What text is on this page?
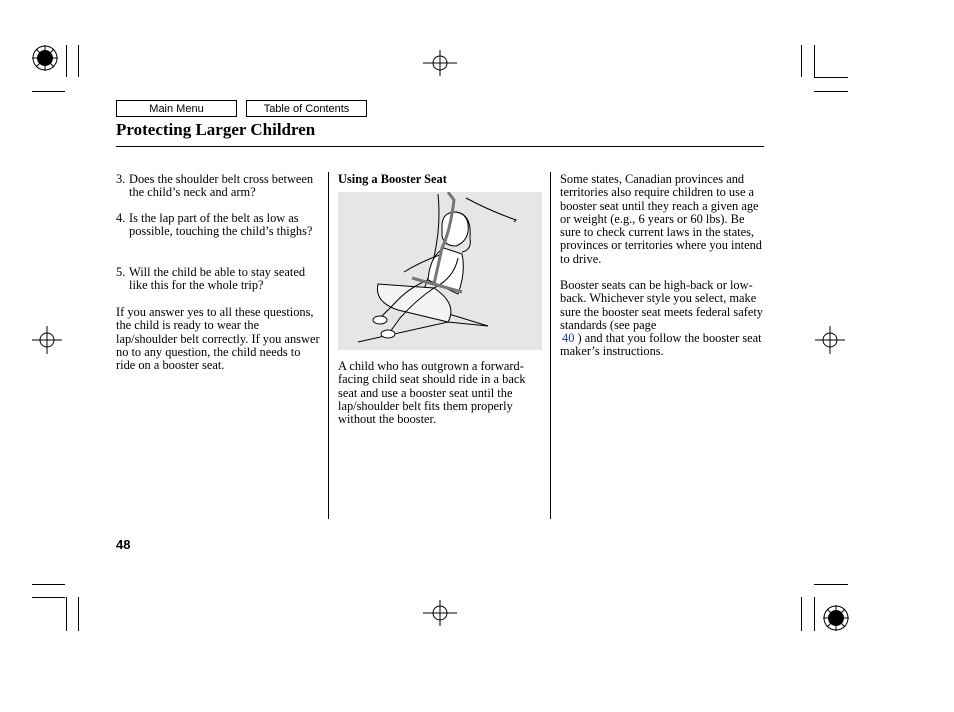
Main Menu	Table of Contents
Protecting Larger Children
3. Does the shoulder belt cross between the child’s neck and arm?
4. Is the lap part of the belt as low as possible, touching the child’s thighs?
5. Will the child be able to stay seated like this for the whole trip?
If you answer yes to all these questions, the child is ready to wear the lap/shoulder belt correctly. If you answer no to any question, the child needs to ride on a booster seat.
Using a Booster Seat
A child who has outgrown a forward-facing child seat should ride in a back seat and use a booster seat until the lap/shoulder belt fits them properly without the booster.
Some states, Canadian provinces and territories also require children to use a booster seat until they reach a given age or weight (e.g., 6 years or 60 lbs). Be sure to check current laws in the states, provinces or territories where you intend to drive.
Booster seats can be high-back or low-back. Whichever style you select, make sure the booster seat meets federal safety standards (see page
40 ) and that you follow the booster seat maker’s instructions.
48
